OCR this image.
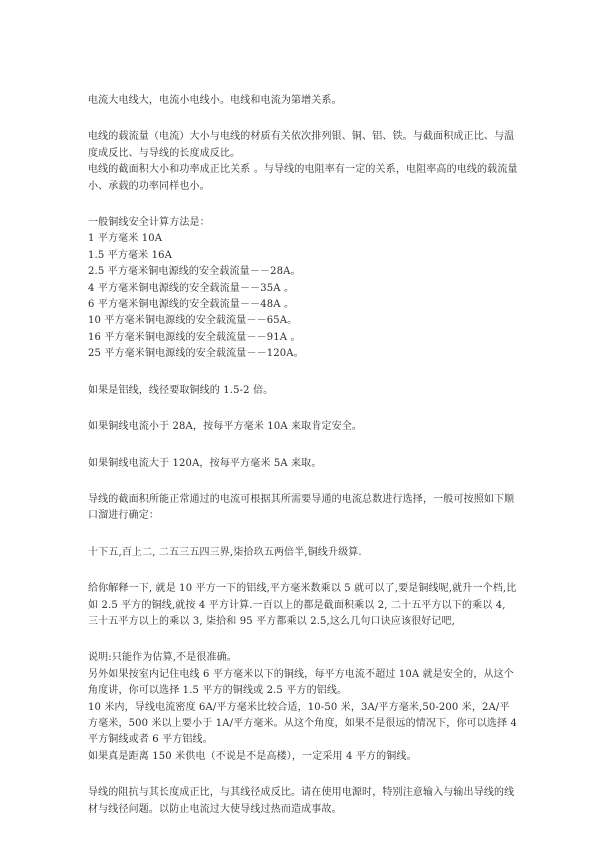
电流大电线大，电流小电线小。电线和电流为第增关系。

电线的载流量（电流）大小与电线的材质有关依次排列银、铜、铝、铁。与截面积成正比、与温度成反比、与导线的长度成反比。

电线的截面积大小和功率成正比关系 。与导线的电阻率有一定的关系，电阻率高的电线的载流量小、承载的功率同样也小。

一般铜线安全计算方法是：

1 平方毫米 10A

1.5 平方毫米 16A

2.5 平方毫米铜电源线的安全载流量－－28A。

4 平方毫米铜电源线的安全载流量－－35A 。

6 平方毫米铜电源线的安全载流量－－48A 。

10 平方毫米铜电源线的安全载流量－－65A。

16 平方毫米铜电源线的安全载流量－－91A 。

25 平方毫米铜电源线的安全载流量－－120A。

如果是铝线，线径要取铜线的 1.5-2 倍。

如果铜线电流小于 28A，按每平方毫米 10A 来取肯定安全。

如果铜线电流大于 120A，按每平方毫米 5A 来取。

导线的截面积所能正常通过的电流可根据其所需要导通的电流总数进行选择，一般可按照如下顺口溜进行确定：

十下五,百上二, 二五三五四三界,柒拾玖五两倍半,铜线升级算.

给你解释一下, 就是 10 平方一下的铝线,平方毫米数乘以 5 就可以了,要是铜线呢,就升一个档,比如 2.5 平方的铜线,就按 4 平方计算.一百以上的都是截面积乘以 2, 二十五平方以下的乘以 4, 三十五平方以上的乘以 3, 柒拾和 95 平方都乘以 2.5,这么几句口诀应该很好记吧,

说明:只能作为估算,不是很准确。

另外如果按室内记住电线 6 平方毫米以下的铜线，每平方电流不超过 10A 就是安全的，从这个角度讲，你可以选择 1.5 平方的铜线或 2.5 平方的铝线。

10 米内，导线电流密度 6A/平方毫米比较合适，10-50 米，3A/平方毫米,50-200 米，2A/平方毫米，500 米以上要小于 1A/平方毫米。从这个角度，如果不是很远的情况下，你可以选择 4 平方铜线或者 6 平方铝线。

如果真是距离 150 米供电（不说是不是高楼），一定采用 4 平方的铜线。

导线的阻抗与其长度成正比，与其线径成反比。请在使用电源时，特别注意输入与输出导线的线材与线径问题。以防止电流过大使导线过热而造成事故。
